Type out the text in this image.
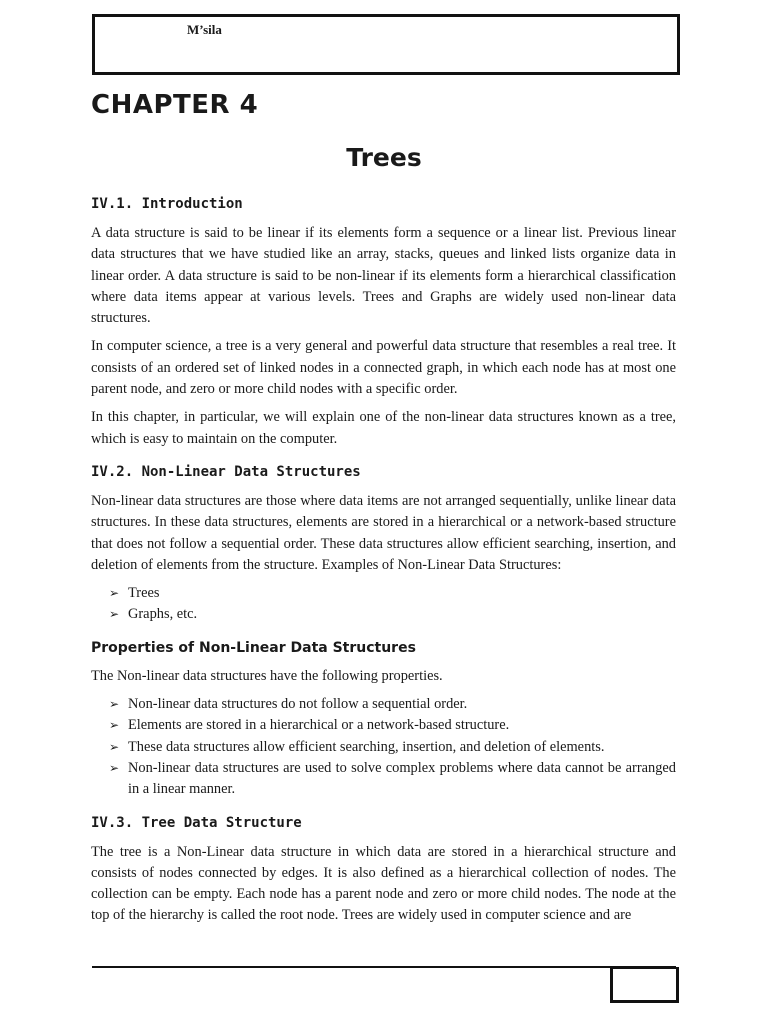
M’sila
CHAPTER 4
Trees
IV.1. Introduction

A data structure is said to be linear if its elements form a sequence or a linear list. Previous linear data structures that we have studied like an array, stacks, queues and linked lists organize data in linear order. A data structure is said to be non-linear if its elements form a hierarchical classification where data items appear at various levels. Trees and Graphs are widely used non-linear data structures.

In computer science, a tree is a very general and powerful data structure that resembles a real tree. It consists of an ordered set of linked nodes in a connected graph, in which each node has at most one parent node, and zero or more child nodes with a specific order.

In this chapter, in particular, we will explain one of the non-linear data structures known as a tree, which is easy to maintain on the computer.

IV.2. Non-Linear Data Structures

Non-linear data structures are those where data items are not arranged sequentially, unlike linear data structures. In these data structures, elements are stored in a hierarchical or a network-based structure that does not follow a sequential order. These data structures allow efficient searching, insertion, and deletion of elements from the structure. Examples of Non-Linear Data Structures:

➢ Trees
➢ Graphs, etc.
Properties of Non-Linear Data Structures

The Non-linear data structures have the following properties.

➢ Non-linear data structures do not follow a sequential order.
➢ Elements are stored in a hierarchical or a network-based structure.
➢ These data structures allow efficient searching, insertion, and deletion of elements.
➢ Non-linear data structures are used to solve complex problems where data cannot be arranged in a linear manner.
IV.3. Tree Data Structure

The tree is a Non-Linear data structure in which data are stored in a hierarchical structure and consists of nodes connected by edges. It is also defined as a hierarchical collection of nodes. The collection can be empty. Each node has a parent node and zero or more child nodes. The node at the top of the hierarchy is called the root node. Trees are widely used in computer science and are
